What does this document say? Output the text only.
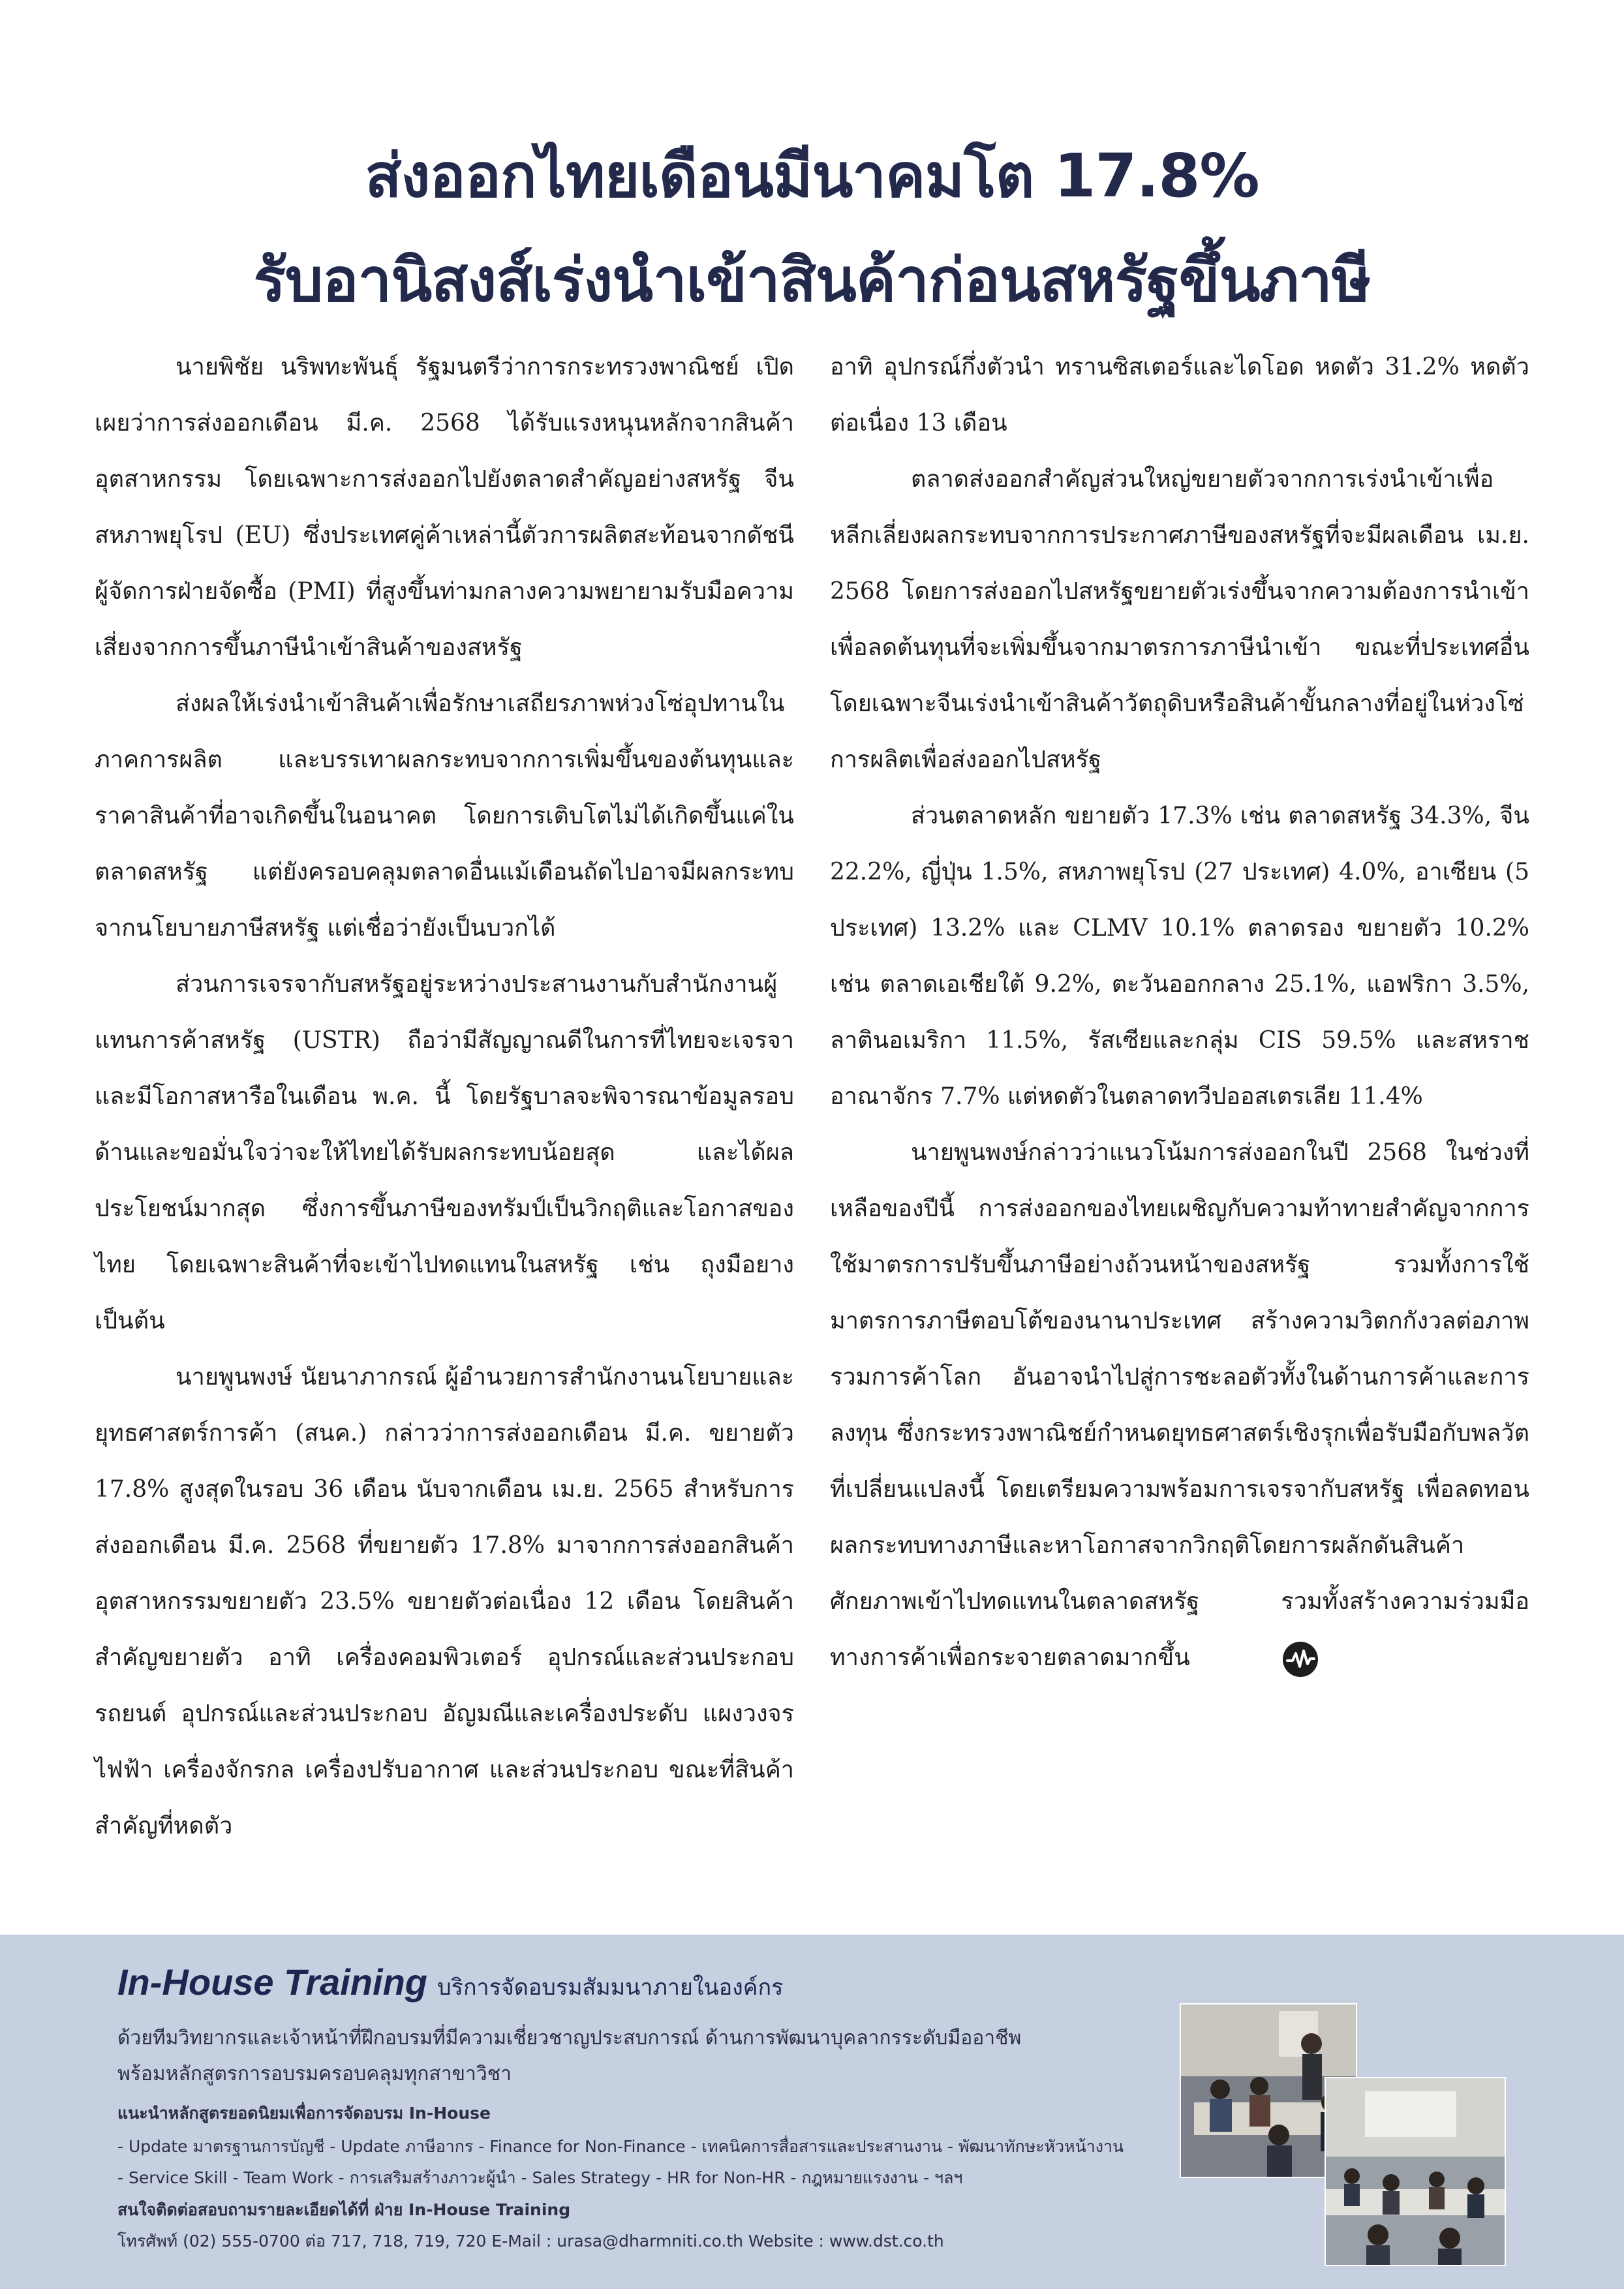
ส่งออกไทยเดือนมีนาคมโต 17.8%
รับอานิสงส์เร่งนำเข้าสินค้าก่อนสหรัฐขึ้นภาษี

นายพิชัย นริพทะพันธุ์ รัฐมนตรีว่าการกระทรวงพาณิชย์ เปิดเผยว่าการส่งออกเดือน มี.ค. 2568 ได้รับแรงหนุนหลักจากสินค้าอุตสาหกรรม โดยเฉพาะการส่งออกไปยังตลาดสำคัญอย่างสหรัฐ จีน สหภาพยุโรป (EU) ซึ่งประเทศคู่ค้าเหล่านี้ตัวการผลิตสะท้อนจากดัชนีผู้จัดการฝ่ายจัดซื้อ (PMI) ที่สูงขึ้นท่ามกลางความพยายามรับมือความเสี่ยงจากการขึ้นภาษีนำเข้าสินค้าของสหรัฐ

ส่งผลให้เร่งนำเข้าสินค้าเพื่อรักษาเสถียรภาพห่วงโซ่อุปทานในภาคการผลิต และบรรเทาผลกระทบจากการเพิ่มขึ้นของต้นทุนและราคาสินค้าที่อาจเกิดขึ้นในอนาคต โดยการเติบโตไม่ได้เกิดขึ้นแค่ในตลาดสหรัฐ แต่ยังครอบคลุมตลาดอื่นแม้เดือนถัดไปอาจมีผลกระทบจากนโยบายภาษีสหรัฐ แต่เชื่อว่ายังเป็นบวกได้

ส่วนการเจรจากับสหรัฐอยู่ระหว่างประสานงานกับสำนักงานผู้แทนการค้าสหรัฐ (USTR) ถือว่ามีสัญญาณดีในการที่ไทยจะเจรจาและมีโอกาสหารือในเดือน พ.ค. นี้ โดยรัฐบาลจะพิจารณาข้อมูลรอบด้านและขอมั่นใจว่าจะให้ไทยได้รับผลกระทบน้อยสุด และได้ผลประโยชน์มากสุด ซึ่งการขึ้นภาษีของทรัมป์เป็นวิกฤติและโอกาสของไทย โดยเฉพาะสินค้าที่จะเข้าไปทดแทนในสหรัฐ เช่น ถุงมือยาง เป็นต้น

นายพูนพงษ์ นัยนาภากรณ์ ผู้อำนวยการสำนักงานนโยบายและยุทธศาสตร์การค้า (สนค.) กล่าวว่าการส่งออกเดือน มี.ค. ขยายตัว 17.8% สูงสุดในรอบ 36 เดือน นับจากเดือน เม.ย. 2565 สำหรับการส่งออกเดือน มี.ค. 2568 ที่ขยายตัว 17.8% มาจากการส่งออกสินค้าอุตสาหกรรมขยายตัว 23.5% ขยายตัวต่อเนื่อง 12 เดือน โดยสินค้าสำคัญขยายตัว อาทิ เครื่องคอมพิวเตอร์ อุปกรณ์และส่วนประกอบ รถยนต์ อุปกรณ์และส่วนประกอบ อัญมณีและเครื่องประดับ แผงวงจรไฟฟ้า เครื่องจักรกล เครื่องปรับอากาศ และส่วนประกอบ ขณะที่สินค้าสำคัญที่หดตัว

อาทิ อุปกรณ์กึ่งตัวนำ ทรานซิสเตอร์และไดโอด หดตัว 31.2% หดตัวต่อเนื่อง 13 เดือน

ตลาดส่งออกสำคัญส่วนใหญ่ขยายตัวจากการเร่งนำเข้าเพื่อหลีกเลี่ยงผลกระทบจากการประกาศภาษีของสหรัฐที่จะมีผลเดือน เม.ย. 2568 โดยการส่งออกไปสหรัฐขยายตัวเร่งขึ้นจากความต้องการนำเข้า เพื่อลดต้นทุนที่จะเพิ่มขึ้นจากมาตรการภาษีนำเข้า ขณะที่ประเทศอื่นโดยเฉพาะจีนเร่งนำเข้าสินค้าวัตถุดิบหรือสินค้าขั้นกลางที่อยู่ในห่วงโซ่การผลิตเพื่อส่งออกไปสหรัฐ

ส่วนตลาดหลัก ขยายตัว 17.3% เช่น ตลาดสหรัฐ 34.3%, จีน 22.2%, ญี่ปุ่น 1.5%, สหภาพยุโรป (27 ประเทศ) 4.0%, อาเซียน (5 ประเทศ) 13.2% และ CLMV 10.1% ตลาดรอง ขยายตัว 10.2% เช่น ตลาดเอเชียใต้ 9.2%, ตะวันออกกลาง 25.1%, แอฟริกา 3.5%, ลาตินอเมริกา 11.5%, รัสเซียและกลุ่ม CIS 59.5% และสหราชอาณาจักร 7.7% แต่หดตัวในตลาดทวีปออสเตรเลีย 11.4%

นายพูนพงษ์กล่าวว่าแนวโน้มการส่งออกในปี 2568 ในช่วงที่เหลือของปีนี้ การส่งออกของไทยเผชิญกับความท้าทายสำคัญจากการใช้มาตรการปรับขึ้นภาษีอย่างถ้วนหน้าของสหรัฐ รวมทั้งการใช้มาตรการภาษีตอบโต้ของนานาประเทศ สร้างความวิตกกังวลต่อภาพรวมการค้าโลก อันอาจนำไปสู่การชะลอตัวทั้งในด้านการค้าและการลงทุน ซึ่งกระทรวงพาณิชย์กำหนดยุทธศาสตร์เชิงรุกเพื่อรับมือกับพลวัตที่เปลี่ยนแปลงนี้ โดยเตรียมความพร้อมการเจรจากับสหรัฐ เพื่อลดทอนผลกระทบทางภาษีและหาโอกาสจากวิกฤติโดยการผลักดันสินค้าศักยภาพเข้าไปทดแทนในตลาดสหรัฐ รวมทั้งสร้างความร่วมมือทางการค้าเพื่อกระจายตลาดมากขึ้น

In-House Training บริการจัดอบรมสัมมนาภายในองค์กร
ด้วยทีมวิทยากรและเจ้าหน้าที่ฝึกอบรมที่มีความเชี่ยวชาญประสบการณ์ ด้านการพัฒนาบุคลากรระดับมืออาชีพ
พร้อมหลักสูตรการอบรมครอบคลุมทุกสาขาวิชา
แนะนำหลักสูตรยอดนิยมเพื่อการจัดอบรม In-House
- Update มาตรฐานการบัญชี - Update ภาษีอากร - Finance for Non-Finance - เทคนิคการสื่อสารและประสานงาน - พัฒนาทักษะหัวหน้างาน
- Service Skill - Team Work - การเสริมสร้างภาวะผู้นำ - Sales Strategy - HR for Non-HR - กฎหมายแรงงาน - ฯลฯ
สนใจติดต่อสอบถามรายละเอียดได้ที่ ฝ่าย In-House Training
โทรศัพท์ (02) 555-0700 ต่อ 717, 718, 719, 720 E-Mail : urasa@dharmniti.co.th Website : www.dst.co.th
